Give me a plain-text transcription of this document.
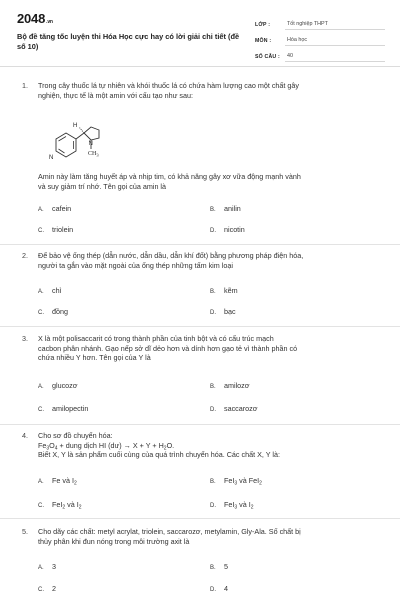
2048.vn
Bộ đề tăng tốc luyện thi Hóa Học cực hay có lời giải chi tiết (đề số 10)
LỚP :	Tốt nghiệp THPT
MÔN :	Hóa học
SỐ CÂU :	40
1. Trong cây thuốc lá tự nhiên và khói thuốc lá có chứa hàm lượng cao một chất gây
nghiện, thực tế là một amin với cấu tạo như sau:
H
N
N
$CH_3$
Amin này làm tăng huyết áp và nhịp tim, có khả năng gây xơ vữa động mạnh vành
và suy giảm trí nhớ. Tên gọi của amin là
A.	cafein	B.	anilin
C.	triolein	D.	nicotin
2. Để bảo vệ ống thép (dẫn nước, dẫn dầu, dẫn khí đốt) bằng phương pháp điện hóa,
người ta gắn vào mặt ngoài của ống thép những tấm kim loại
A.	chì	B.	kẽm
C.	đồng	D.	bạc
3. X là một polisaccarit có trong thành phần của tinh bột và có cấu trúc mạch
cacbon phân nhánh. Gạo nếp sở dĩ dẻo hơn và dính hơn gạo tẻ vì thành phần có
chứa nhiều Y hơn. Tên gọi của Y là
A.	glucozơ	B.	amilozơ
C.	amilopectin	D.	saccarozơ
4. Cho sơ đồ chuyển hóa:
$Fe_3O_4$ + dung dịch HI (dư) → $X + Y + H_2O$.
Biết X, Y là sản phẩm cuối cùng của quá trình chuyển hóa. Các chất X, Y là:
A.	Fe và $I_2$	B.	FeI$_3$ và FeI$_2$
C.	FeI$_2$ và $I_2$	D.	FeI$_3$ và $I_2$
5. Cho dãy các chất: metyl acrylat, triolein, saccarozơ, metylamin, Gly-Ala. Số chất bị
thủy phân khi đun nóng trong môi trường axit là
A.	3	B.	5
C.	2	D.	4
